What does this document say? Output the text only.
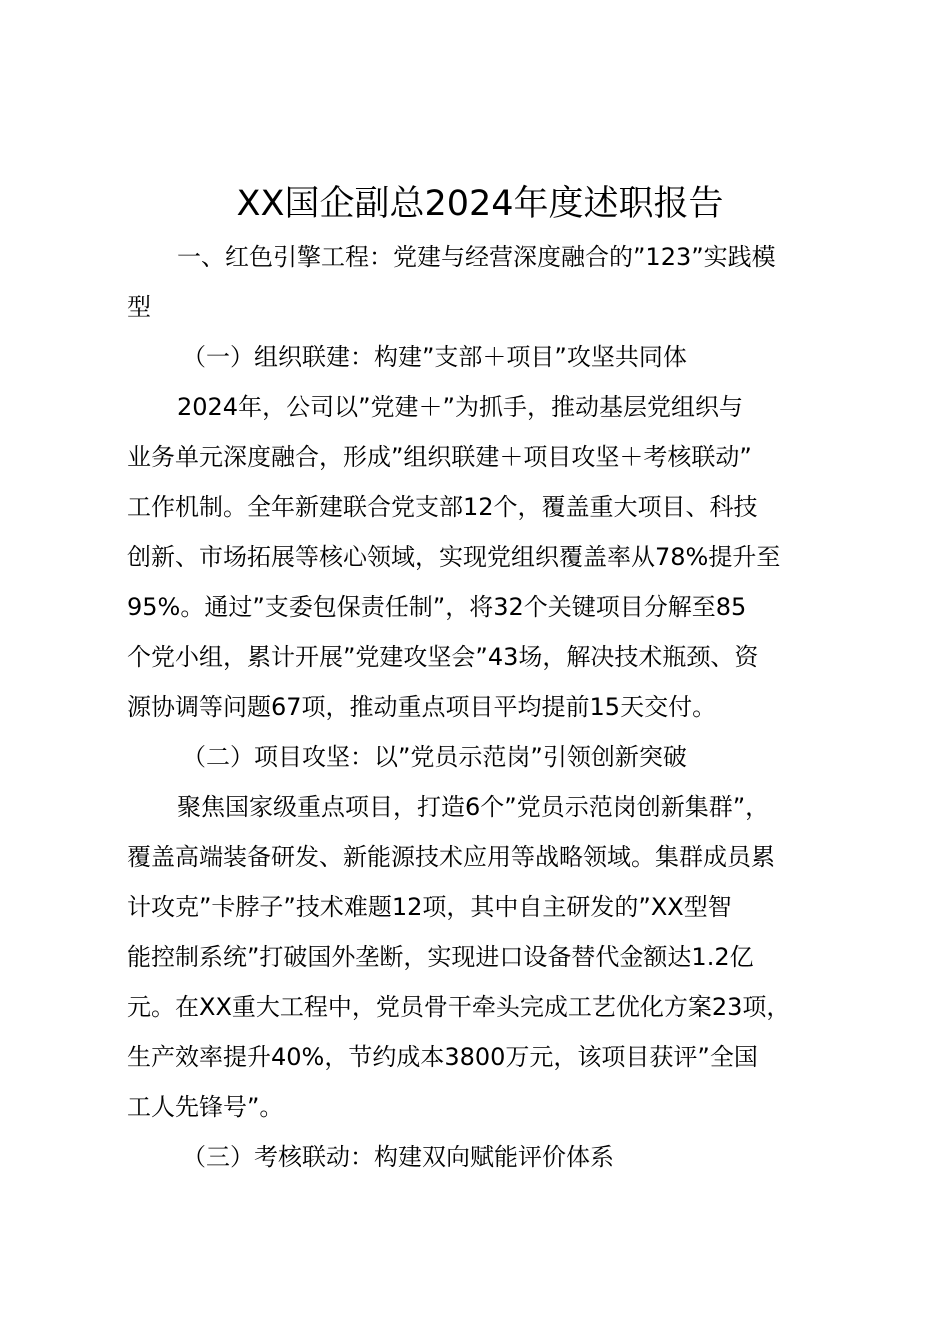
XX国企副总2024年度述职报告
一、红色引擎工程：党建与经营深度融合的”123”实践模
型
（一）组织联建：构建”支部＋项目”攻坚共同体
2024年，公司以”党建＋”为抓手，推动基层党组织与
业务单元深度融合，形成”组织联建＋项目攻坚＋考核联动”
工作机制。全年新建联合党支部12个，覆盖重大项目、科技
创新、市场拓展等核心领域，实现党组织覆盖率从78%提升至
95%。通过”支委包保责任制”，将32个关键项目分解至85
个党小组，累计开展”党建攻坚会”43场，解决技术瓶颈、资
源协调等问题67项，推动重点项目平均提前15天交付。
（二）项目攻坚：以”党员示范岗”引领创新突破
聚焦国家级重点项目，打造6个”党员示范岗创新集群”，
覆盖高端装备研发、新能源技术应用等战略领域。集群成员累
计攻克”卡脖子”技术难题12项，其中自主研发的”XX型智
能控制系统”打破国外垄断，实现进口设备替代金额达1.2亿
元。在XX重大工程中，党员骨干牵头完成工艺优化方案23项，
生产效率提升40%，节约成本3800万元，该项目获评”全国
工人先锋号”。
（三）考核联动：构建双向赋能评价体系
